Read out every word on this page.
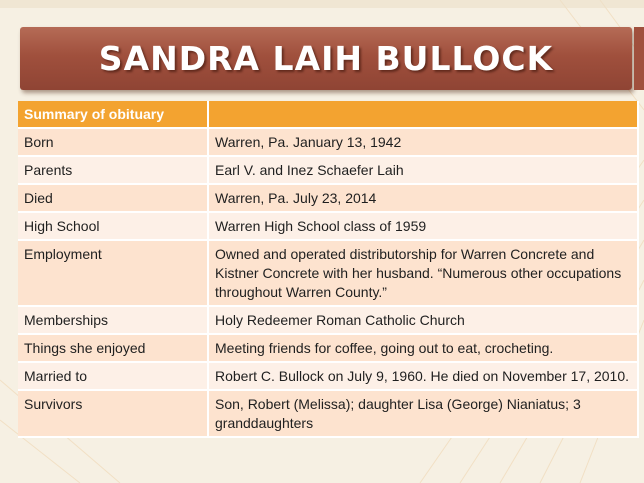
SANDRA LAIH BULLOCK
Summary of obituary	
Born	Warren, Pa. January 13, 1942
Parents	Earl V. and Inez Schaefer Laih
Died	Warren, Pa. July 23, 2014
High School	Warren High School class of 1959
Employment	Owned and operated distributorship for Warren Concrete and Kistner Concrete with her husband. “Numerous other occupations throughout Warren County.”
Memberships	Holy Redeemer Roman Catholic Church
Things she enjoyed	Meeting friends for coffee, going out to eat, crocheting.
Married to	Robert C. Bullock on July 9, 1960. He died on November 17, 2010.
Survivors	Son, Robert (Melissa); daughter Lisa (George) Nianiatus; 3 granddaughters
